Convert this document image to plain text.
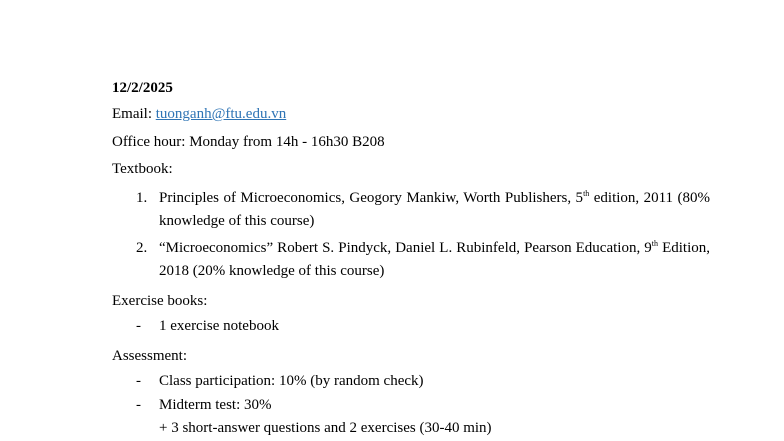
12/2/2025
Email: tuonganh@ftu.edu.vn
Office hour: Monday from 14h - 16h30 B208
Textbook:
1. Principles of Microeconomics, Geogory Mankiw, Worth Publishers, 5th edition, 2011 (80% knowledge of this course)
2. “Microeconomics” Robert S. Pindyck, Daniel L. Rubinfeld, Pearson Education, 9th Edition, 2018 (20% knowledge of this course)
Exercise books:
- 1 exercise notebook
Assessment:
- Class participation: 10% (by random check)
- Midterm test: 30%
+ 3 short-answer questions and 2 exercises (30-40 min)
